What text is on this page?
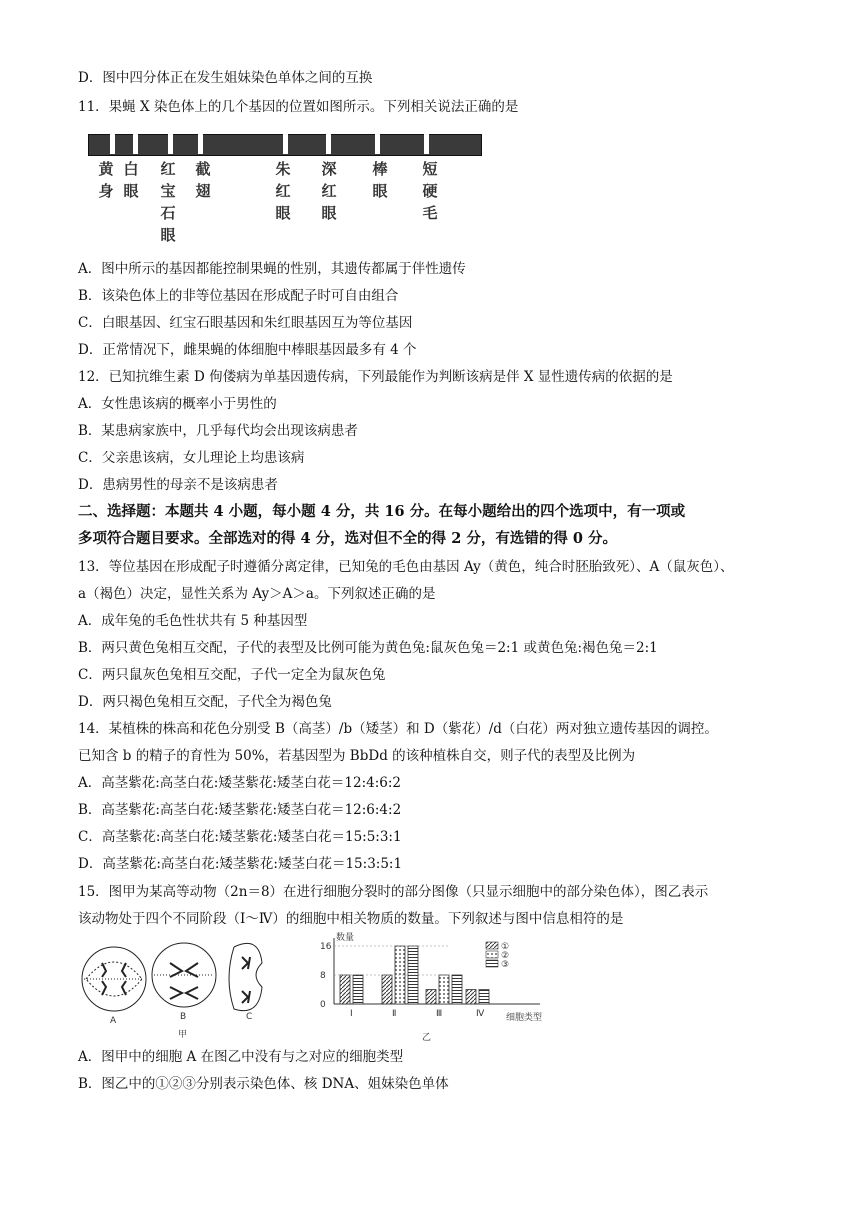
D．图中四分体正在发生姐妹染色单体之间的互换
11．果蝇 X 染色体上的几个基因的位置如图所示。下列相关说法正确的是
黄身
白眼
红宝石眼
截翅
朱红眼
深红眼
棒眼
短硬毛
A．图中所示的基因都能控制果蝇的性别，其遗传都属于伴性遗传
B．该染色体上的非等位基因在形成配子时可自由组合
C．白眼基因、红宝石眼基因和朱红眼基因互为等位基因
D．正常情况下，雌果蝇的体细胞中棒眼基因最多有 4 个
12．已知抗维生素 D 佝偻病为单基因遗传病，下列最能作为判断该病是伴 X 显性遗传病的依据的是
A．女性患该病的概率小于男性的
B．某患病家族中，几乎每代均会出现该病患者
C．父亲患该病，女儿理论上均患该病
D．患病男性的母亲不是该病患者
二、选择题：本题共 4 小题，每小题 4 分，共 16 分。在每小题给出的四个选项中，有一项或
多项符合题目要求。全部选对的得 4 分，选对但不全的得 2 分，有选错的得 0 分。
13．等位基因在形成配子时遵循分离定律，已知兔的毛色由基因 Ay（黄色，纯合时胚胎致死）、A（鼠灰色）、
a（褐色）决定，显性关系为 Ay＞A＞a。下列叙述正确的是
A．成年兔的毛色性状共有 5 种基因型
B．两只黄色兔相互交配，子代的表型及比例可能为黄色兔:鼠灰色兔＝2:1 或黄色兔:褐色兔＝2:1
C．两只鼠灰色兔相互交配，子代一定全为鼠灰色兔
D．两只褐色兔相互交配，子代全为褐色兔
14．某植株的株高和花色分别受 B（高茎）/b（矮茎）和 D（紫花）/d（白花）两对独立遗传基因的调控。
已知含 b 的精子的育性为 50%，若基因型为 BbDd 的该种植株自交，则子代的表型及比例为
A．高茎紫花:高茎白花:矮茎紫花:矮茎白花＝12:4:6:2
B．高茎紫花:高茎白花:矮茎紫花:矮茎白花＝12:6:4:2
C．高茎紫花:高茎白花:矮茎紫花:矮茎白花＝15:5:3:1
D．高茎紫花:高茎白花:矮茎紫花:矮茎白花＝15:3:5:1
15．图甲为某高等动物（2n＝8）在进行细胞分裂时的部分图像（只显示细胞中的部分染色体），图乙表示
该动物处于四个不同阶段（Ⅰ～Ⅳ）的细胞中相关物质的数量。下列叙述与图中信息相符的是
A	B	C
甲
数量
细胞类型
乙
Ⅰ	Ⅱ	Ⅲ	Ⅳ
16
8
0
①
②
③
A．图甲中的细胞 A 在图乙中没有与之对应的细胞类型
B．图乙中的①②③分别表示染色体、核 DNA、姐妹染色单体
